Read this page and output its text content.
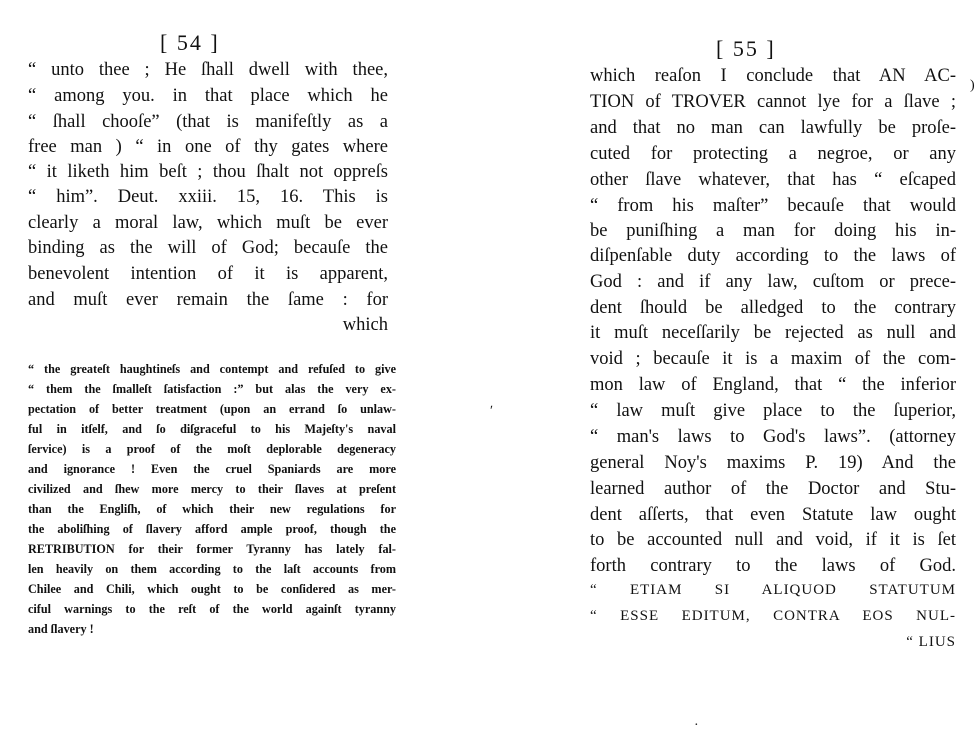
[ 54 ]
“ unto thee ; He ſhall dwell with thee,
“ among you. in that place which he
“ ſhall chooſe” (that is manifeſtly as a
free man ) “ in one of thy gates where
“ it liketh him beſt ; thou ſhalt not oppreſs
“ him”. Deut. xxiii. 15, 16. This is
clearly a moral law, which muſt be ever
binding as the will of God; becauſe the
benevolent intention of it is apparent,
and muſt ever remain the ſame : for
which
“ the greateſt haughtineſs and contempt and refuſed to give
“ them the ſmalleſt ſatisfaction :” but alas the very ex-
pectation of better treatment (upon an errand ſo unlaw-
ful in itſelf, and ſo diſgraceful to his Majeſty's naval
ſervice) is a proof of the moſt deplorable degeneracy
and ignorance ! Even the cruel Spaniards are more
civilized and ſhew more mercy to their ſlaves at preſent
than the Engliſh, of which their new regulations for
the aboliſhing of ſlavery afford ample proof, though the
RETRIBUTION for their former Tyranny has lately fal-
len heavily on them according to the laſt accounts from
Chilee and Chili, which ought to be conſidered as mer-
ciful warnings to the reſt of the world againſt tyranny
and ſlavery !
ʹ
)
·
[ 55 ]
which reaſon I conclude that AN AC-
TION of TROVER cannot lye for a ſlave ;
and that no man can lawfully be proſe-
cuted for protecting a negroe, or any
other ſlave whatever, that has “ eſcaped
“ from his maſter” becauſe that would
be puniſhing a man for doing his in-
diſpenſable duty according to the laws of
God : and if any law, cuſtom or prece-
dent ſhould be alledged to the contrary
it muſt neceſſarily be rejected as null and
void ; becauſe it is a maxim of the com-
mon law of England, that “ the inferior
“ law muſt give place to the ſuperior,
“ man's laws to God's laws”. (attorney
general Noy's maxims P. 19) And the
learned author of the Doctor and Stu-
dent aſſerts, that even Statute law ought
to be accounted null and void, if it is ſet
forth contrary to the laws of God.
“ ETIAM SI ALIQUOD STATUTUM
“ ESSE EDITUM, CONTRA EOS NUL-
“ LIUS
